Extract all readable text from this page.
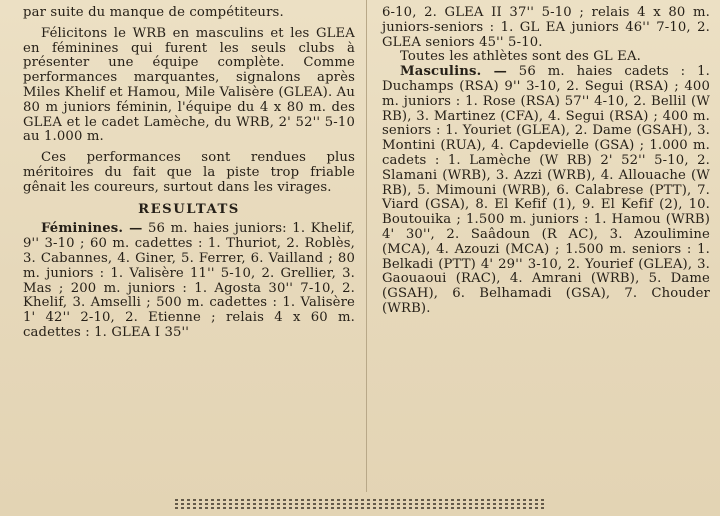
par suite du manque de compétiteurs.

Félicitons le WRB en masculins et les GLEA en féminines qui furent les seuls clubs à présenter une équipe complète. Comme performances marquantes, signalons après Miles Khelif et Hamou, Mile Valisère (GLEA). Au 80 m juniors féminin, l'équipe du 4 x 80 m. des GLEA et le cadet Lamèche, du WRB, 2' 52'' 5-10 au 1.000 m.

Ces performances sont rendues plus méritoires du fait que la piste trop friable gênait les coureurs, surtout dans les virages.

RESULTATS

Féminines. — 56 m. haies juniors: 1. Khelif, 9'' 3-10 ; 60 m. cadettes : 1. Thuriot, 2. Roblès, 3. Cabannes, 4. Giner, 5. Ferrer, 6. Vailland ; 80 m. juniors : 1. Valisère 11'' 5-10, 2. Grellier, 3. Mas ; 200 m. juniors : 1. Agosta 30'' 7-10, 2. Khelif, 3. Amselli ; 500 m. cadettes : 1. Valisère 1' 42'' 2-10, 2. Etienne ; relais 4 x 60 m. cadettes : 1. GLEA I 35''

6-10, 2. GLEA II 37'' 5-10 ; relais 4 x 80 m. juniors-seniors : 1. GL EA juniors 46'' 7-10, 2. GLEA seniors 45'' 5-10.

Toutes les athlètes sont des GL EA.

Masculins. — 56 m. haies cadets : 1. Duchamps (RSA) 9'' 3-10, 2. Segui (RSA) ; 400 m. juniors : 1. Rose (RSA) 57'' 4-10, 2. Bellil (W RB), 3. Martinez (CFA), 4. Segui (RSA) ; 400 m. seniors : 1. Youriet (GLEA), 2. Dame (GSAH), 3. Montini (RUA), 4. Capdevielle (GSA) ; 1.000 m. cadets : 1. Lamèche (W RB) 2' 52'' 5-10, 2. Slamani (WRB), 3. Azzi (WRB), 4. Allouache (W RB), 5. Mimouni (WRB), 6. Calabrese (PTT), 7. Viard (GSA), 8. El Kefif (1), 9. El Kefif (2), 10. Boutouika ; 1.500 m. juniors : 1. Hamou (WRB) 4' 30'', 2. Saâdoun (R AC), 3. Azoulimine (MCA), 4. Azouzi (MCA) ; 1.500 m. seniors : 1. Belkadi (PTT) 4' 29'' 3-10, 2. Yourief (GLEA), 3. Gaouaoui (RAC), 4. Amrani (WRB), 5. Dame (GSAH), 6. Belhamadi (GSA), 7. Chouder (WRB).
